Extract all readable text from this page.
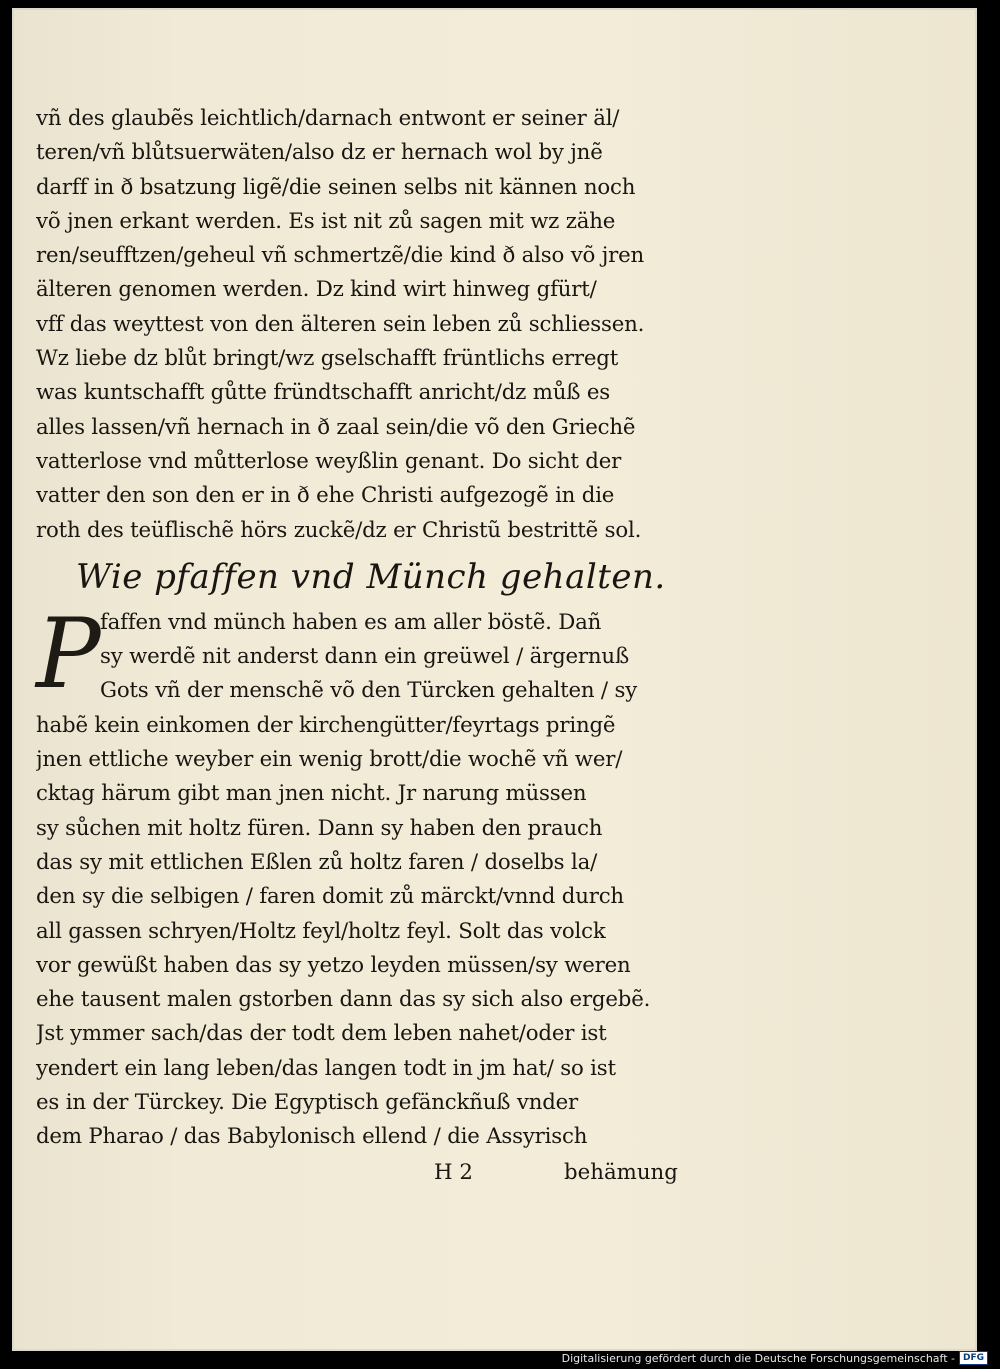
vñ des glaubẽs leichtlich/darnach entwont er seiner äl/
teren/vñ blůtsuerwäten/also dz er hernach wol by jnẽ
darff in ð bsatzung ligẽ/die seinen selbs nit kännen noch
võ jnen erkant werden. Es ist nit zů sagen mit wz zähe
ren/seufftzen/geheul vñ schmertzẽ/die kind ð also võ jren
älteren genomen werden. Dz kind wirt hinweg gfürt/
vff das weyttest von den älteren sein leben zů schliessen.
Wz liebe dz blůt bringt/wz gselschafft früntlichs erregt
was kuntschafft gůtte fründtschafft anricht/dz můß es
alles lassen/vñ hernach in ð zaal sein/die võ den Griechẽ
vatterlose vnd můtterlose weyßlin genant. Do sicht der
vatter den son den er in ð ehe Christi aufgezogẽ in die
roth des teüflischẽ hörs zuckẽ/dz er Christũ bestrittẽ sol.
Wie pfaffen vnd Münch gehalten.
P faffen vnd münch haben es am aller böstẽ. Dañ
sy werdẽ nit anderst dann ein greüwel / ärgernuß
Gots vñ der menschẽ võ den Türcken gehalten / sy
habẽ kein einkomen der kirchengütter/feyrtags pringẽ
jnen ettliche weyber ein wenig brott/die wochẽ vñ wer/
cktag härum gibt man jnen nicht. Jr narung müssen
sy sůchen mit holtz füren. Dann sy haben den prauch
das sy mit ettlichen Eßlen zů holtz faren / doselbs la/
den sy die selbigen / faren domit zů märckt/vnnd durch
all gassen schryen/Holtz feyl/holtz feyl. Solt das volck
vor gewüßt haben das sy yetzo leyden müssen/sy weren
ehe tausent malen gstorben dann das sy sich also ergebẽ.
Jst ymmer sach/das der todt dem leben nahet/oder ist
yendert ein lang leben/das langen todt in jm hat/ so ist
es in der Türckey. Die Egyptisch gefänckñuß vnder
dem Pharao / das Babylonisch ellend / die Assyrisch
H 2	behämung
Digitalisierung gefördert durch die Deutsche Forschungsgemeinschaft - DFG
